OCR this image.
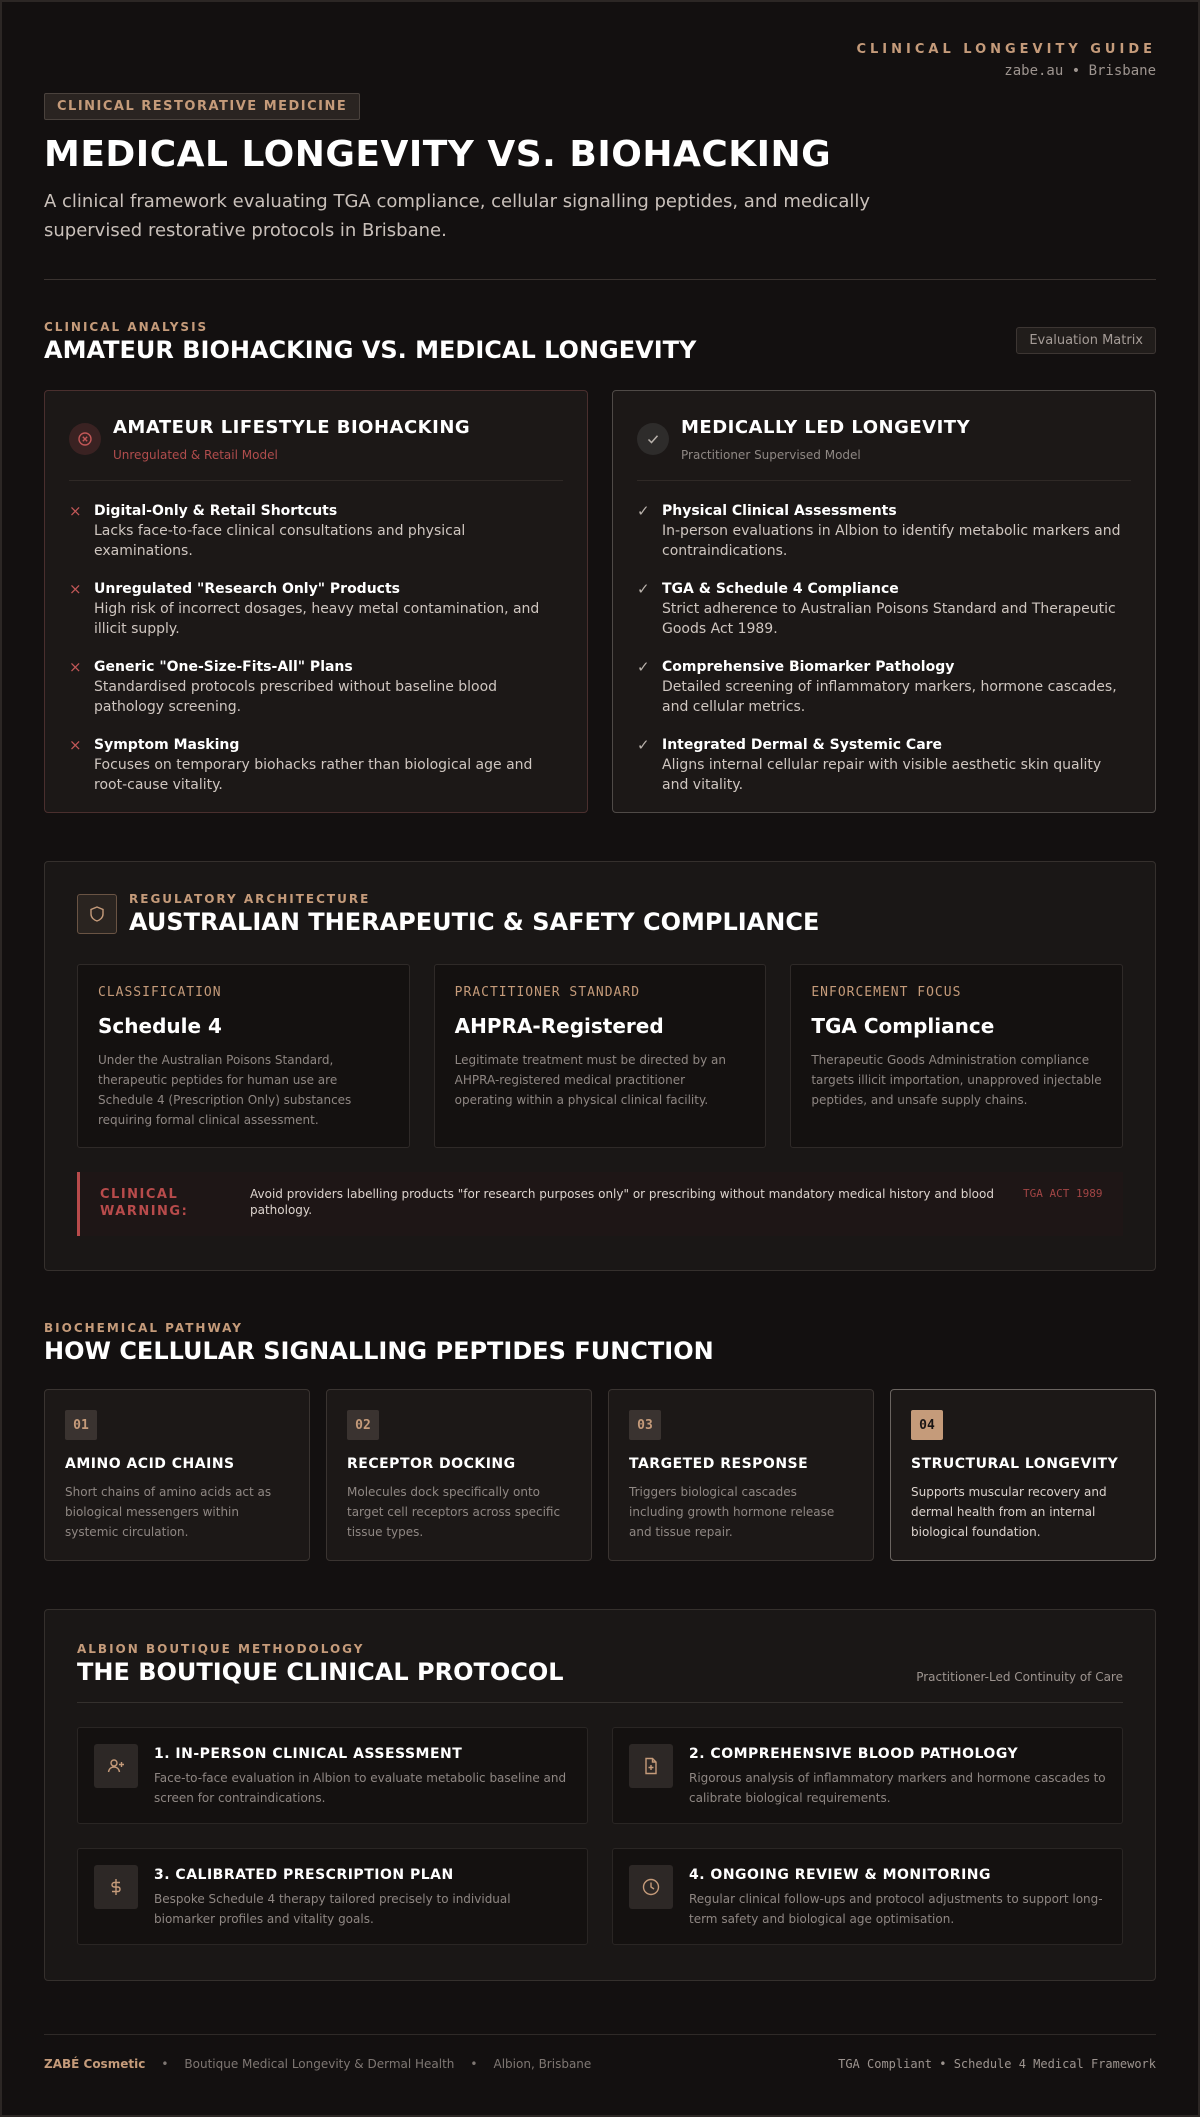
CLINICAL LONGEVITY GUIDE
zabe.au • Brisbane
CLINICAL RESTORATIVE MEDICINE
MEDICAL LONGEVITY VS. BIOHACKING

A clinical framework evaluating TGA compliance, cellular signalling peptides, and medically supervised restorative protocols in Brisbane.

CLINICAL ANALYSIS
AMATEUR BIOHACKING VS. MEDICAL LONGEVITY	Evaluation Matrix
AMATEUR LIFESTYLE BIOHACKING
Unregulated & Retail Model
× Digital-Only & Retail Shortcuts
Lacks face-to-face clinical consultations and physical examinations.
× Unregulated "Research Only" Products
High risk of incorrect dosages, heavy metal contamination, and illicit supply.
× Generic "One-Size-Fits-All" Plans
Standardised protocols prescribed without baseline blood pathology screening.
× Symptom Masking
Focuses on temporary biohacks rather than biological age and root-cause vitality.
MEDICALLY LED LONGEVITY
Practitioner Supervised Model
✓ Physical Clinical Assessments
In-person evaluations in Albion to identify metabolic markers and contraindications.
✓ TGA & Schedule 4 Compliance
Strict adherence to Australian Poisons Standard and Therapeutic Goods Act 1989.
✓ Comprehensive Biomarker Pathology
Detailed screening of inflammatory markers, hormone cascades, and cellular metrics.
✓ Integrated Dermal & Systemic Care
Aligns internal cellular repair with visible aesthetic skin quality and vitality.
REGULATORY ARCHITECTURE
AUSTRALIAN THERAPEUTIC & SAFETY COMPLIANCE
CLASSIFICATION
Schedule 4
Under the Australian Poisons Standard, therapeutic peptides for human use are Schedule 4 (Prescription Only) substances requiring formal clinical assessment.
PRACTITIONER STANDARD
AHPRA-Registered
Legitimate treatment must be directed by an AHPRA-registered medical practitioner operating within a physical clinical facility.
ENFORCEMENT FOCUS
TGA Compliance
Therapeutic Goods Administration compliance targets illicit importation, unapproved injectable peptides, and unsafe supply chains.
CLINICAL WARNING:
Avoid providers labelling products "for research purposes only" or prescribing without mandatory medical history and blood pathology.
TGA ACT 1989
BIOCHEMICAL PATHWAY
HOW CELLULAR SIGNALLING PEPTIDES FUNCTION
01
AMINO ACID CHAINS
Short chains of amino acids act as biological messengers within systemic circulation.
02
RECEPTOR DOCKING
Molecules dock specifically onto target cell receptors across specific tissue types.
03
TARGETED RESPONSE
Triggers biological cascades including growth hormone release and tissue repair.
04
STRUCTURAL LONGEVITY
Supports muscular recovery and dermal health from an internal biological foundation.
ALBION BOUTIQUE METHODOLOGY
THE BOUTIQUE CLINICAL PROTOCOL	Practitioner-Led Continuity of Care
1. IN-PERSON CLINICAL ASSESSMENT
Face-to-face evaluation in Albion to evaluate metabolic baseline and screen for contraindications.
2. COMPREHENSIVE BLOOD PATHOLOGY
Rigorous analysis of inflammatory markers and hormone cascades to calibrate biological requirements.
3. CALIBRATED PRESCRIPTION PLAN
Bespoke Schedule 4 therapy tailored precisely to individual biomarker profiles and vitality goals.
4. ONGOING REVIEW & MONITORING
Regular clinical follow-ups and protocol adjustments to support long-term safety and biological age optimisation.
ZABÉ Cosmetic • Boutique Medical Longevity & Dermal Health • Albion, Brisbane	TGA Compliant • Schedule 4 Medical Framework
